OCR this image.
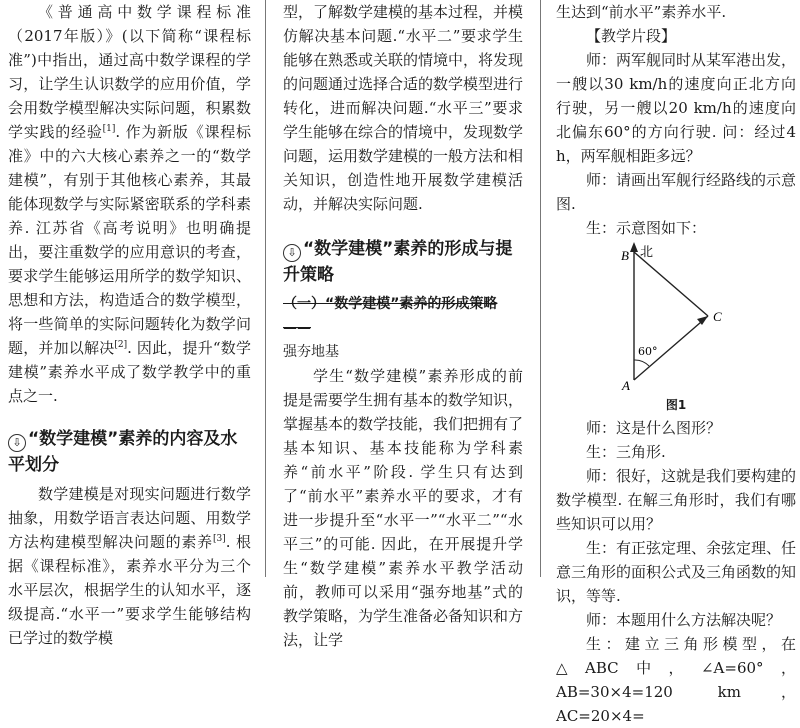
《普通高中数学课程标准（2017年版）》(以下简称“课程标准”)中指出，通过高中数学课程的学习，让学生认识数学的应用价值，学会用数学模型解决实际问题，积累数学实践的经验[1]. 作为新版《课程标准》中的六大核心素养之一的“数学建模”，有别于其他核心素养，其最能体现数学与实际紧密联系的学科素养. 江苏省《高考说明》也明确提出，要注重数学的应用意识的考查，要求学生能够运用所学的数学知识、思想和方法，构造适合的数学模型，将一些简单的实际问题转化为数学问题，并加以解决[2]. 因此，提升“数学建模”素养水平成了数学教学中的重点之一.

⇩ “数学建模”素养的内容及水平划分

数学建模是对现实问题进行数学抽象，用数学语言表达问题、用数学方法构建模型解决问题的素养[3]. 根据《课程标准》，素养水平分为三个水平层次，根据学生的认知水平，逐级提高.“水平一”要求学生能够结构已学过的数学模

型，了解数学建模的基本过程，并模仿解决基本问题.“水平二”要求学生能够在熟悉或关联的情境中，将发现的问题通过选择合适的数学模型进行转化，进而解决问题.“水平三”要求学生能够在综合的情境中，发现数学问题，运用数学建模的一般方法和相关知识，创造性地开展数学建模活动，并解决实际问题.

⇩ “数学建模”素养的形成与提升策略
（一）“数学建模”素养的形成策略——
强夯地基

学生“数学建模”素养形成的前提是需要学生拥有基本的数学知识，掌握基本的数学技能，我们把拥有了基本知识、基本技能称为学科素养“前水平”阶段. 学生只有达到了“前水平”素养水平的要求，才有进一步提升至“水平一”“水平二”“水平三”的可能. 因此，在开展提升学生“数学建模”素养水平教学活动前，教师可以采用“强夯地基”式的教学策略，为学生准备必备知识和方法，让学

生达到“前水平”素养水平.

【教学片段】

师：两军舰同时从某军港出发，一艘以30 km/h的速度向正北方向行驶，另一艘以20 km/h的速度向北偏东60°的方向行驶. 问：经过4 h，两军舰相距多远？

师：请画出军舰行经路线的示意图.

生：示意图如下：

B 北
C
A
60°
图1

师：这是什么图形？

生：三角形.

师：很好，这就是我们要构建的数学模型. 在解三角形时，我们有哪些知识可以用？

生：有正弦定理、余弦定理、任意三角形的面积公式及三角函数的知识，等等.

师：本题用什么方法解决呢？

生：建立三角形模型，在△ABC中，∠A=60°，AB=30×4=120 km，AC=20×4=
